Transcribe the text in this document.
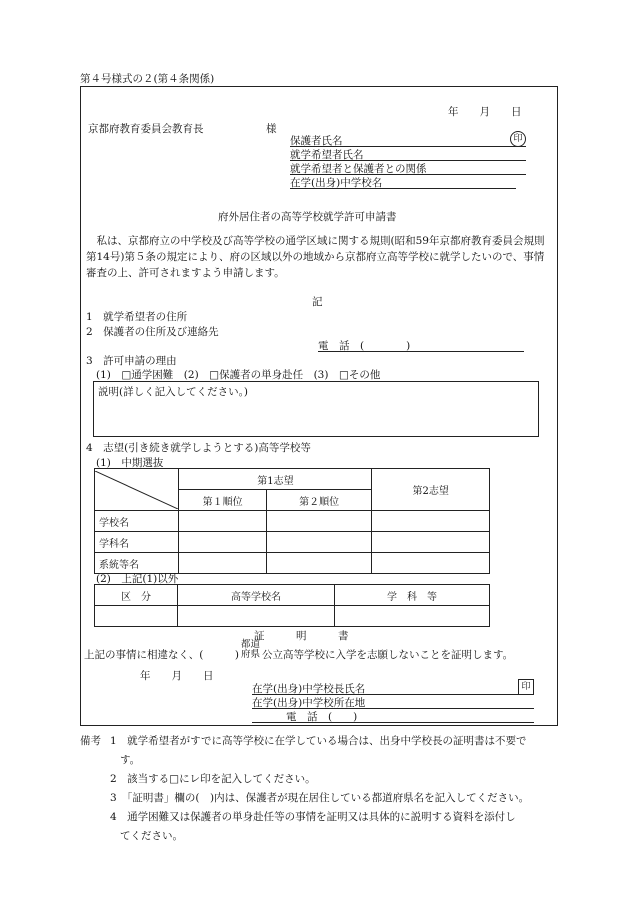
第４号様式の２(第４条関係)
年　　月　　日
京都府教育委員会教育長	様
保護者氏名	印
就学希望者氏名
就学希望者と保護者との関係
在学(出身)中学校名
府外居住者の高等学校就学許可申請書
私は、京都府立の中学校及び高等学校の通学区域に関する規則(昭和59年京都府教育委員会規則第14号)第５条の規定により、府の区域以外の地域から京都府立高等学校に就学したいので、事情審査の上、許可されますよう申請します。
記
1　就学希望者の住所
2　保護者の住所及び連絡先
電　話　(　　　　)
3　許可申請の理由
(1)　□通学困難　(2)　□保護者の単身赴任　(3)　□その他
説明(詳しく記入してください。)
4　志望(引き続き就学しようとする)高等学校等
(1)　中期選抜
	第1志望		第2志望
	第１順位	第２順位	
学校名			
学科名			
系統等名			
(2)　上記(1)以外
区　分	高等学校名	学　科　等

証　　　明　　　書
上記の事情に相違なく、(　　　)
都道
府県 公立高等学校に入学を志願しないことを証明します。
年　　月　　日
在学(出身)中学校長氏名	印
在学(出身)中学校所在地
電　話　(　　)
備考 1　就学希望者がすでに高等学校に在学している場合は、出身中学校長の証明書は不要で
す。
2　該当する□にレ印を記入してください。
3　「証明書」欄の(　)内は、保護者が現在居住している都道府県名を記入してください。
4　通学困難又は保護者の単身赴任等の事情を証明又は具体的に説明する資料を添付し
てください。
